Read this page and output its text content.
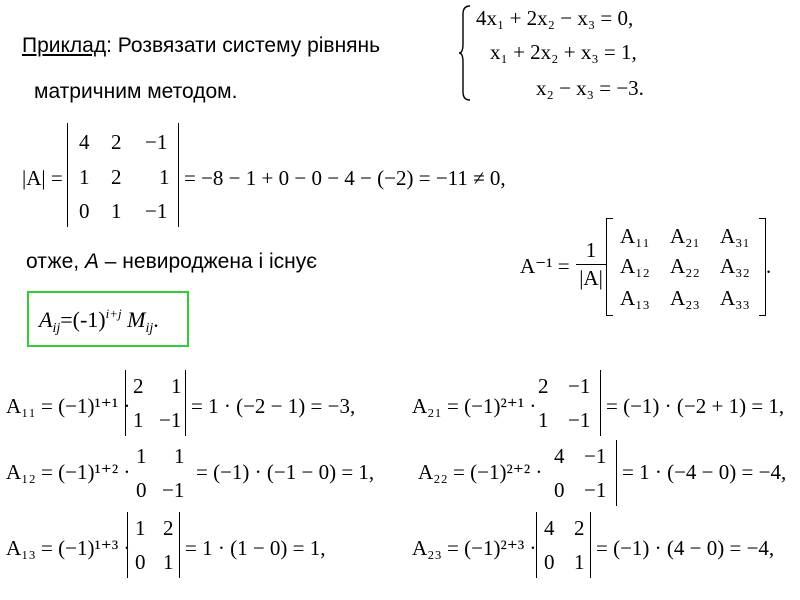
Приклад: Розвязати систему рівнянь
матричним методом.
4x₁ + 2x₂ − x₃ = 0,
x₁ + 2x₂ + x₃ = 1,
x₂ − x₃ = −3.
|A| =
4 2 −1
1 2 1
0 1 −1
= −8 − 1 + 0 − 0 − 4 − (−2) = −11 ≠ 0,
отже, A – невироджена і існує	A⁻¹ =
1
|A|
A₁₁ A₂₁ A₃₁
A₁₂ A₂₂ A₃₂
A₁₃ A₂₃ A₃₃
.
$A_{ij}=(-1)^{i+j}$ $M_{ij}$.
A₁₁ = (−1)¹⁺¹ ·
2 1
1 −1
= 1 · (−2 − 1) = −3,	A₂₁ = (−1)²⁺¹ ·
2 −1
1 −1
= (−1) · (−2 + 1) = 1,
A₁₂ = (−1)¹⁺² ·
1 1
0 −1
= (−1) · (−1 − 0) = 1, A₂₂ = (−1)²⁺² ·
4 −1
0 −1
= 1 · (−4 − 0) = −4,
A₁₃ = (−1)¹⁺³ ·
1 2
0 1
= 1 · (1 − 0) = 1,	A₂₃ = (−1)²⁺³ ·
4 2
0 1
= (−1) · (4 − 0) = −4,
